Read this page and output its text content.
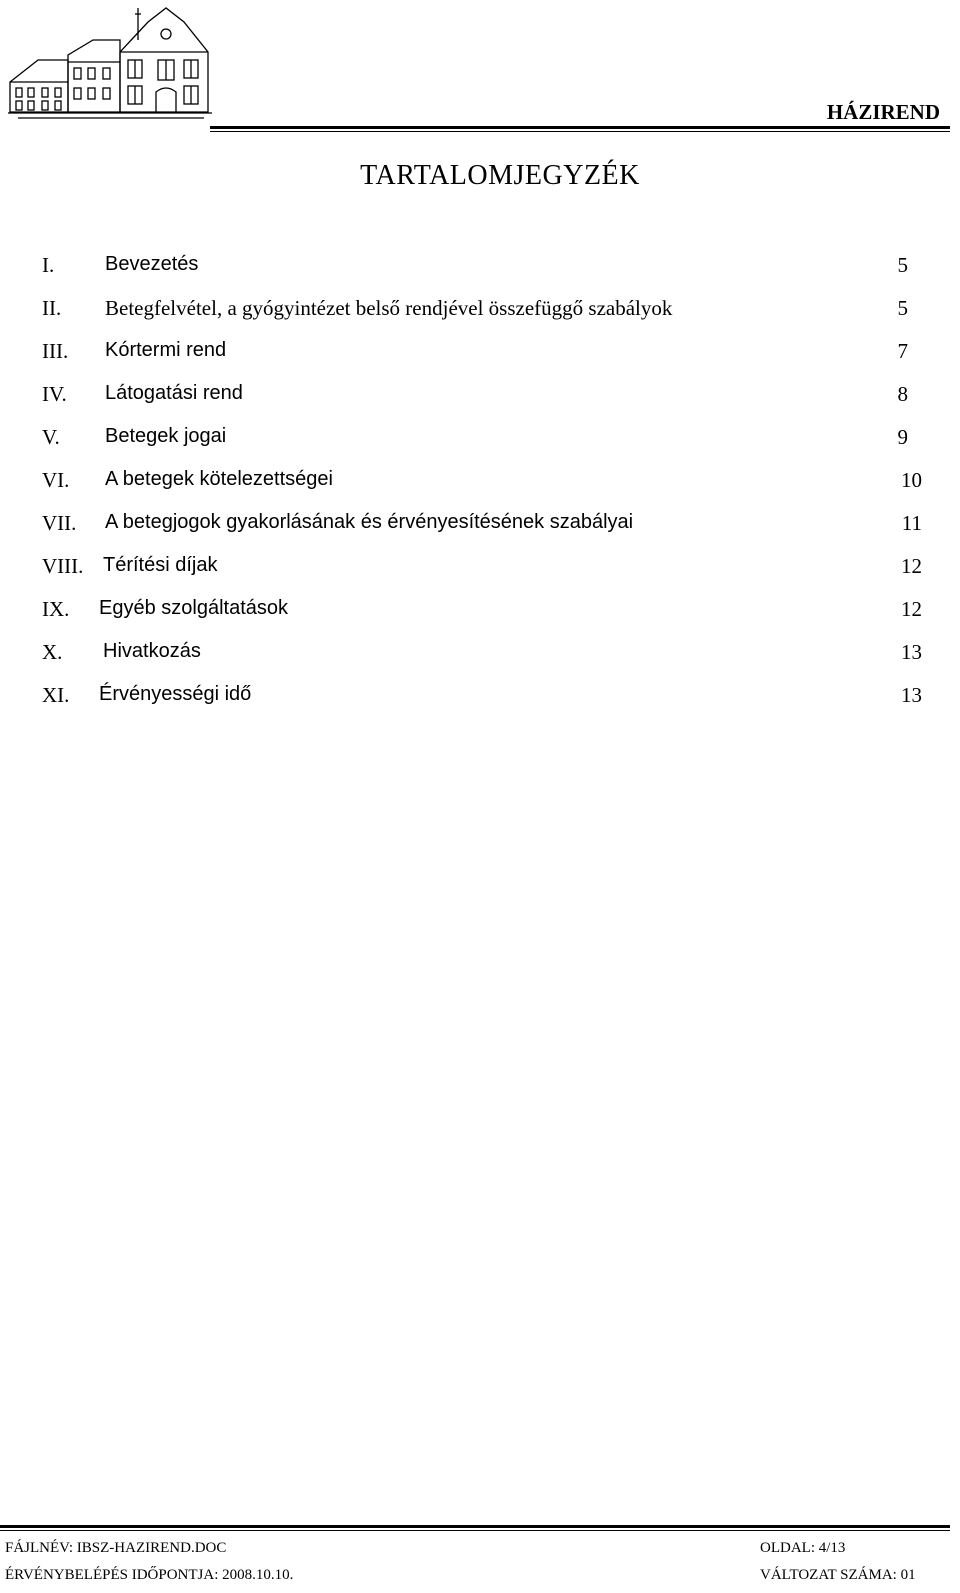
HÁZIREND
TARTALOMJEGYZÉK
I.	Bevezetés	5
II. Betegfelvétel, a gyógyintézet belső rendjével összefüggő szabályok	5
III. Kórtermi rend	7
IV. Látogatási rend	8
V. Betegek jogai	9
VI. A betegek kötelezettségei	10
VII. A betegjogok gyakorlásának és érvényesítésének szabályai	11
VIII. Térítési díjak	12
IX. Egyéb szolgáltatások	12
X. Hivatkozás	13
XI. Érvényességi idő	13
FÁJLNÉV: IBSZ-HAZIREND.DOC	OLDAL: 4/13
ÉRVÉNYBELÉPÉS IDŐPONTJA: 2008.10.10.	VÁLTOZAT SZÁMA: 01
